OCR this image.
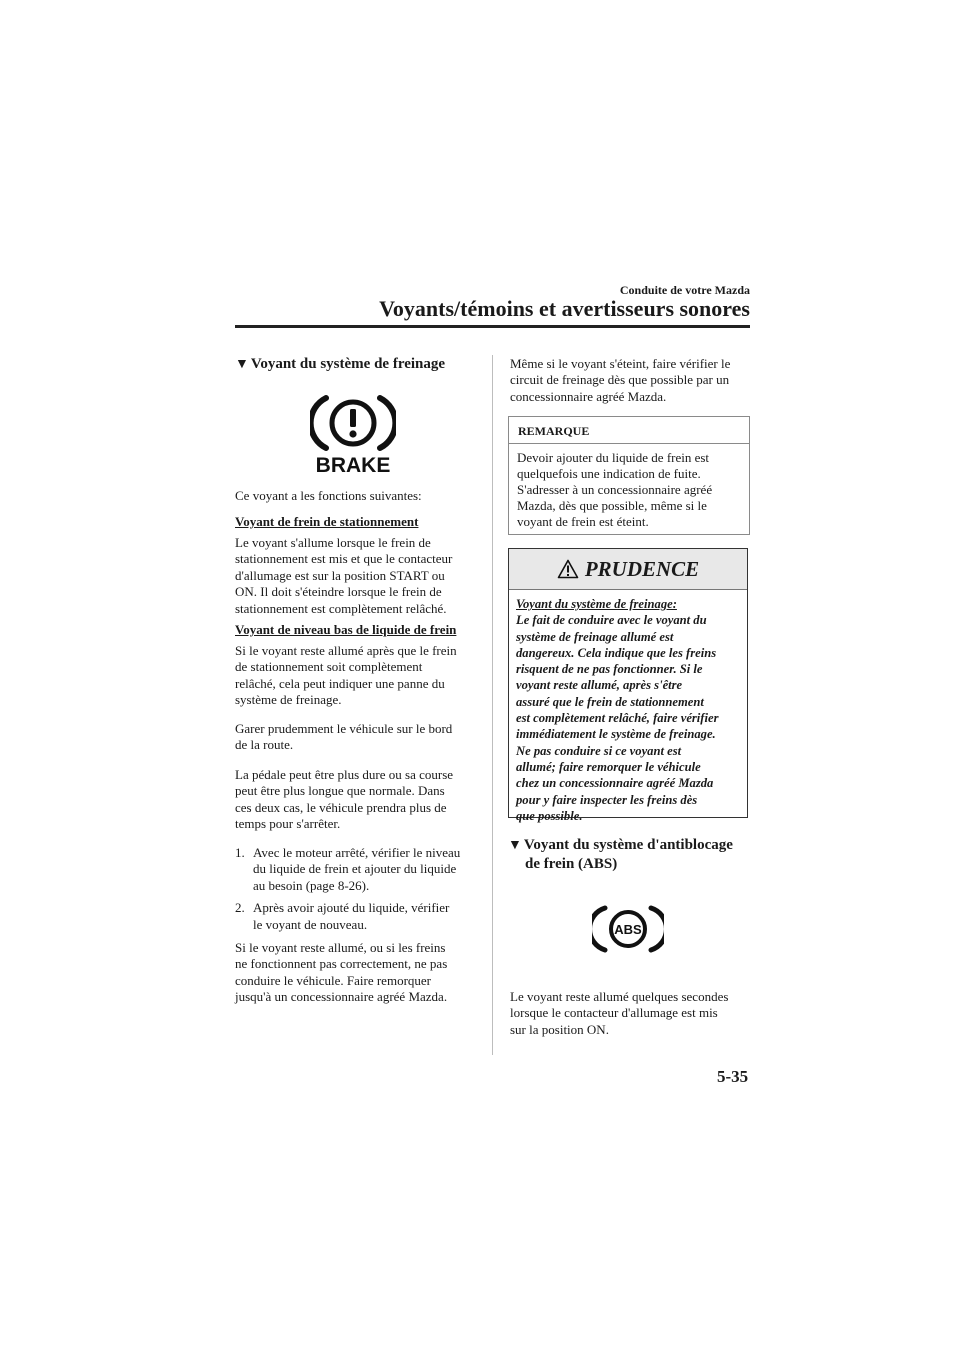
Conduite de votre Mazda
Voyants/témoins et avertisseurs sonores
▼ Voyant du système de freinage
BRAKE
Ce voyant a les fonctions suivantes:
Voyant de frein de stationnement
Le voyant s'allume lorsque le frein de
stationnement est mis et que le contacteur
d'allumage est sur la position START ou
ON. Il doit s'éteindre lorsque le frein de
stationnement est complètement relâché.
Voyant de niveau bas de liquide de frein
Si le voyant reste allumé après que le frein
de stationnement soit complètement
relâché, cela peut indiquer une panne du
système de freinage.
Garer prudemment le véhicule sur le bord
de la route.
La pédale peut être plus dure ou sa course
peut être plus longue que normale. Dans
ces deux cas, le véhicule prendra plus de
temps pour s'arrêter.
1. Avec le moteur arrêté, vérifier le niveau
du liquide de frein et ajouter du liquide
au besoin (page 8-26).
2. Après avoir ajouté du liquide, vérifier
le voyant de nouveau.
Si le voyant reste allumé, ou si les freins
ne fonctionnent pas correctement, ne pas
conduire le véhicule. Faire remorquer
jusqu'à un concessionnaire agréé Mazda.
Même si le voyant s'éteint, faire vérifier le
circuit de freinage dès que possible par un
concessionnaire agréé Mazda.
REMARQUE
Devoir ajouter du liquide de frein est
quelquefois une indication de fuite.
S'adresser à un concessionnaire agréé
Mazda, dès que possible, même si le
voyant de frein est éteint.
PRUDENCE
Voyant du système de freinage:
Le fait de conduire avec le voyant du
système de freinage allumé est
dangereux. Cela indique que les freins
risquent de ne pas fonctionner. Si le
voyant reste allumé, après s'être
assuré que le frein de stationnement
est complètement relâché, faire vérifier
immédiatement le système de freinage.
Ne pas conduire si ce voyant est
allumé; faire remorquer le véhicule
chez un concessionnaire agréé Mazda
pour y faire inspecter les freins dès
que possible.
▼ Voyant du système d'antiblocage
de frein (ABS)
ABS
Le voyant reste allumé quelques secondes
lorsque le contacteur d'allumage est mis
sur la position ON.
5-35
